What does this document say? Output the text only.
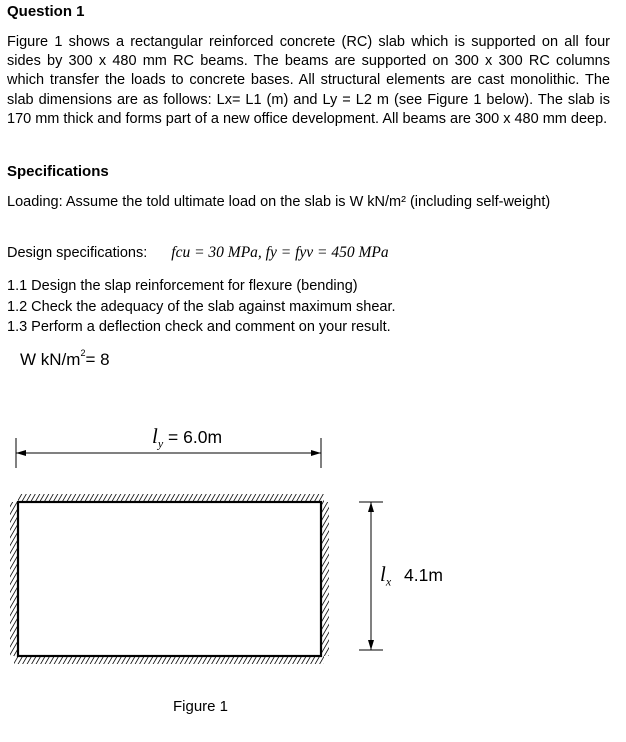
Question 1
Figure 1 shows a rectangular reinforced concrete (RC) slab which is supported on all four sides by 300 x 480 mm RC beams. The beams are supported on 300 x 300 RC columns which transfer the loads to concrete bases. All structural elements are cast monolithic. The slab dimensions are as follows: Lx= L1 (m) and Ly = L2 m (see Figure 1 below). The slab is 170 mm thick and forms part of a new office development. All beams are 300 x 480 mm deep.
Specifications
Loading: Assume the told ultimate load on the slab is W kN/m² (including self-weight)
Design specifications: fcu = 30 MPa, fy = fyv = 450 MPa
1.1 Design the slap reinforcement for flexure (bending)
1.2 Check the adequacy of the slab against maximum shear.
1.3 Perform a deflection check and comment on your result.
W $kN/m^2= 8$
$l_y = 6.0m$
$l_x$ 4.1m
Figure 1
